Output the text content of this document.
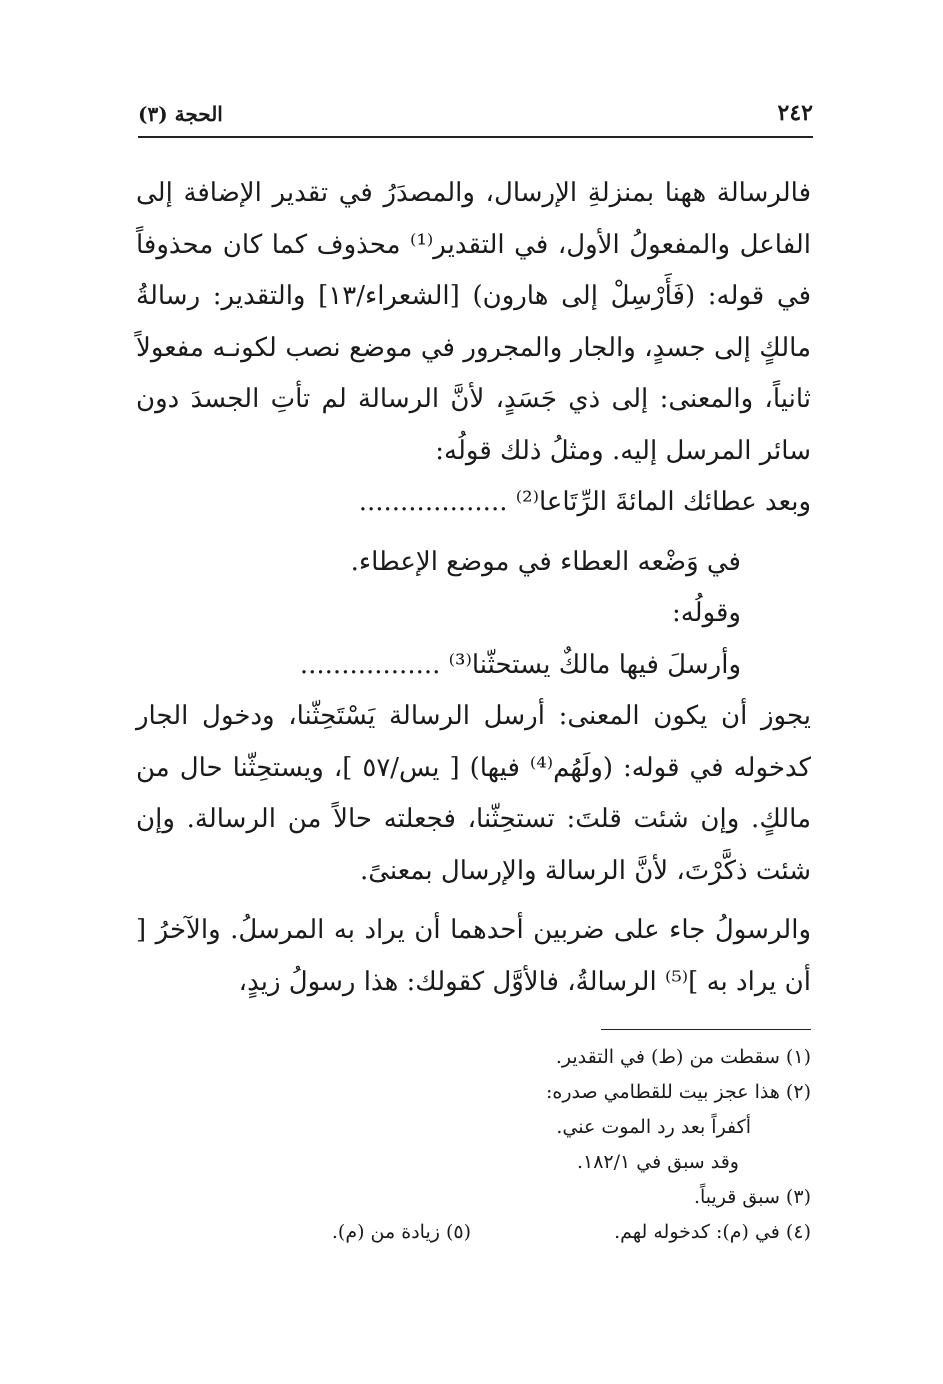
٢٤٢
الحجة (٣)

فالرسالة ههنا بمنزلةِ الإرسال، والمصدَرُ في تقدير الإضافة إلى الفاعل والمفعولُ الأول، في التقدير⁽¹⁾ محذوف كما كان محذوفاً في قوله: (فَأَرْسِلْ إلى هارون) [الشعراء/١٣] والتقدير: رسالةُ مالكٍ إلى جسدٍ، والجار والمجرور في موضع نصب لكونـه مفعولاً ثانياً، والمعنى: إلى ذي جَسَدٍ، لأنَّ الرسالة لم تأتِ الجسدَ دون سائر المرسل إليه. ومثلُ ذلك قولُه:

وبعد عطائك المائةَ الرِّتَاعا⁽²⁾ ..................

في وَضْعه العطاء في موضع الإعطاء.

وقولُه:

وأرسلَ فيها مالكٌ يستحثّنا⁽³⁾ .................

يجوز أن يكون المعنى: أرسل الرسالة يَسْتَحِثّنا، ودخول الجار كدخوله في قوله: (ولَهُم⁽⁴⁾ فيها) [ يس/٥٧ ]، ويستحِثّنا حال من مالكٍ. وإن شئت قلتَ: تستحِثّنا، فجعلته حالاً من الرسالة. وإن شئت ذكَّرْتَ، لأنَّ الرسالة والإرسال بمعنىً.

والرسولُ جاء على ضربين أحدهما أن يراد به المرسلُ. والآخرُ [ أن يراد به ]⁽⁵⁾ الرسالةُ، فالأوَّل كقولك: هذا رسولُ زيدٍ،

(١) سقطت من (ط) في التقدير.

(٢) هذا عجز بيت للقطامي صدره:

أكفراً بعد رد الموت عني.

وقد سبق في ١٨٢/١.

(٣) سبق قريباً.

(٤) في (م): كدخوله لهم.

(٥) زيادة من (م).
